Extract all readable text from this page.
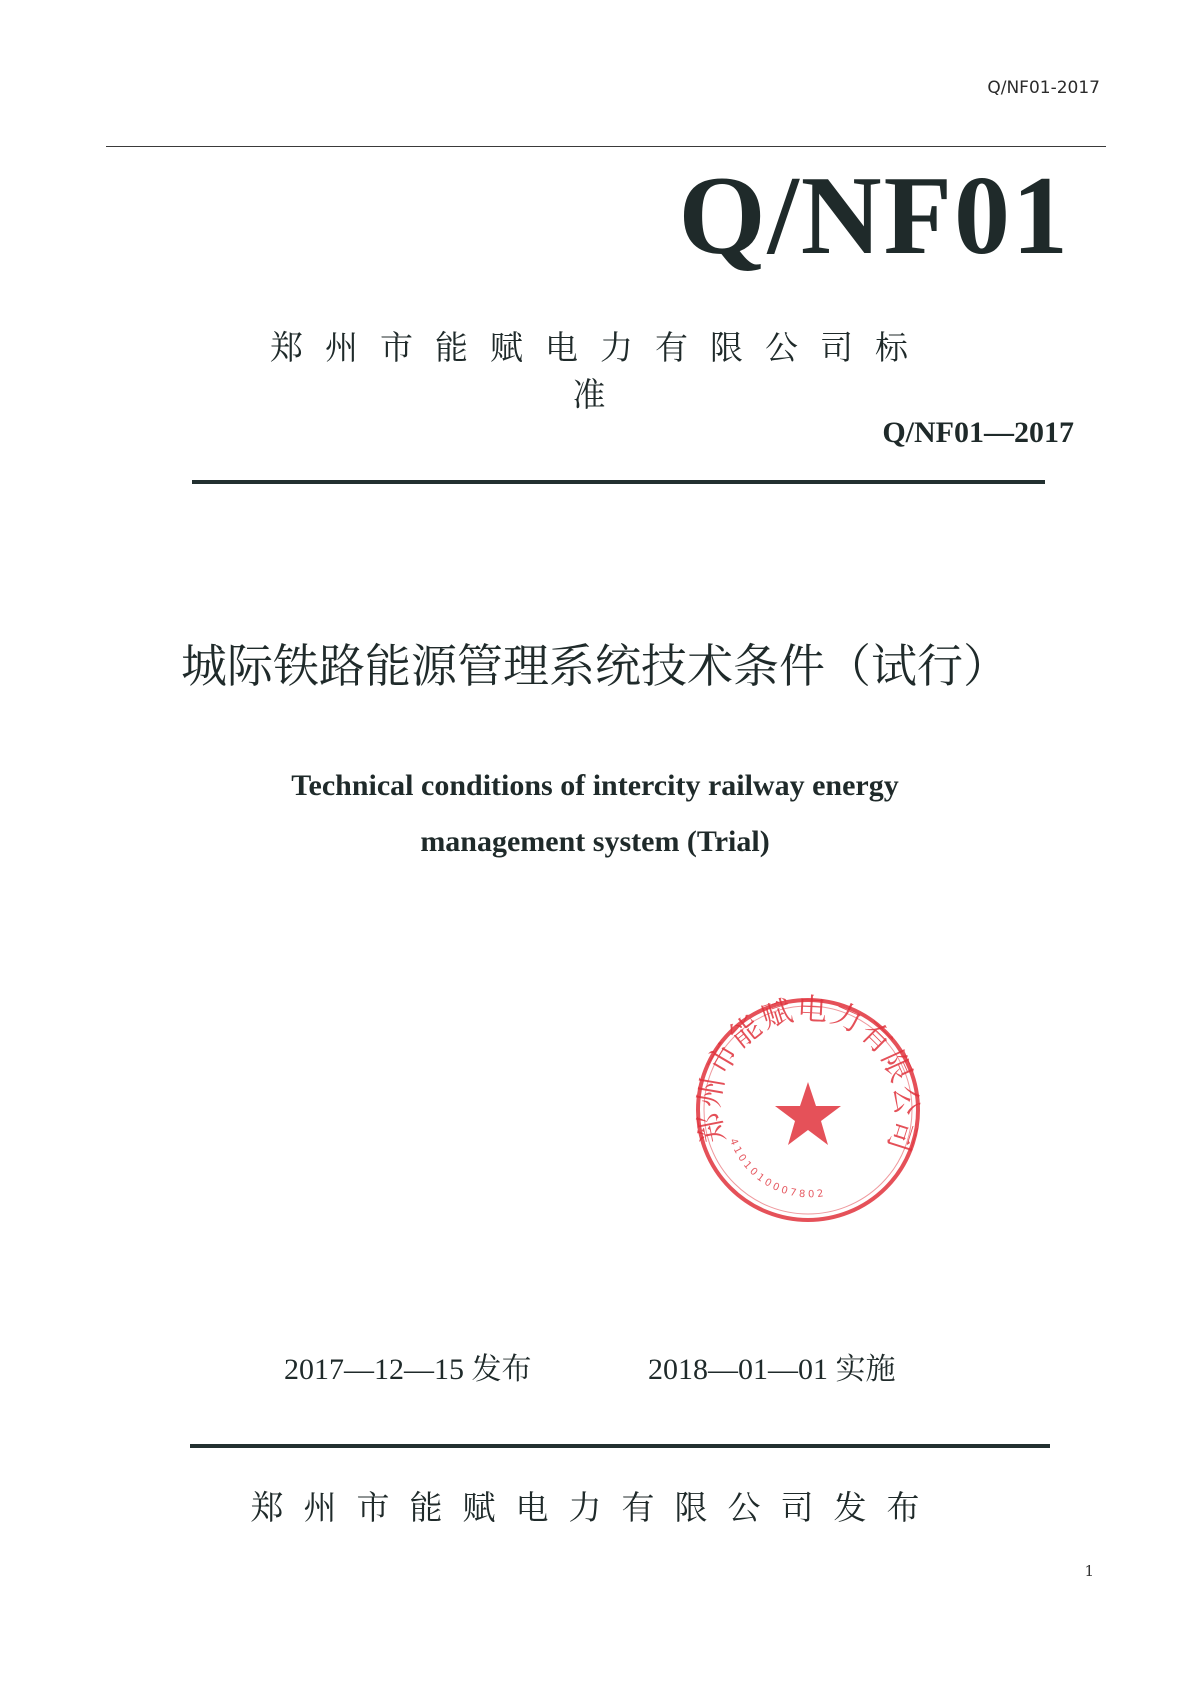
Q/NF01-2017
Q/NF01
郑州市能赋电力有限公司标准
Q/NF01—2017
城际铁路能源管理系统技术条件（试行）
Technical conditions of intercity railway energy
management system (Trial)
郑州市能赋电力有限公司
4101010007802
2017—12—15 发布	2018—01—01 实施
郑州市能赋电力有限公司发布
1
